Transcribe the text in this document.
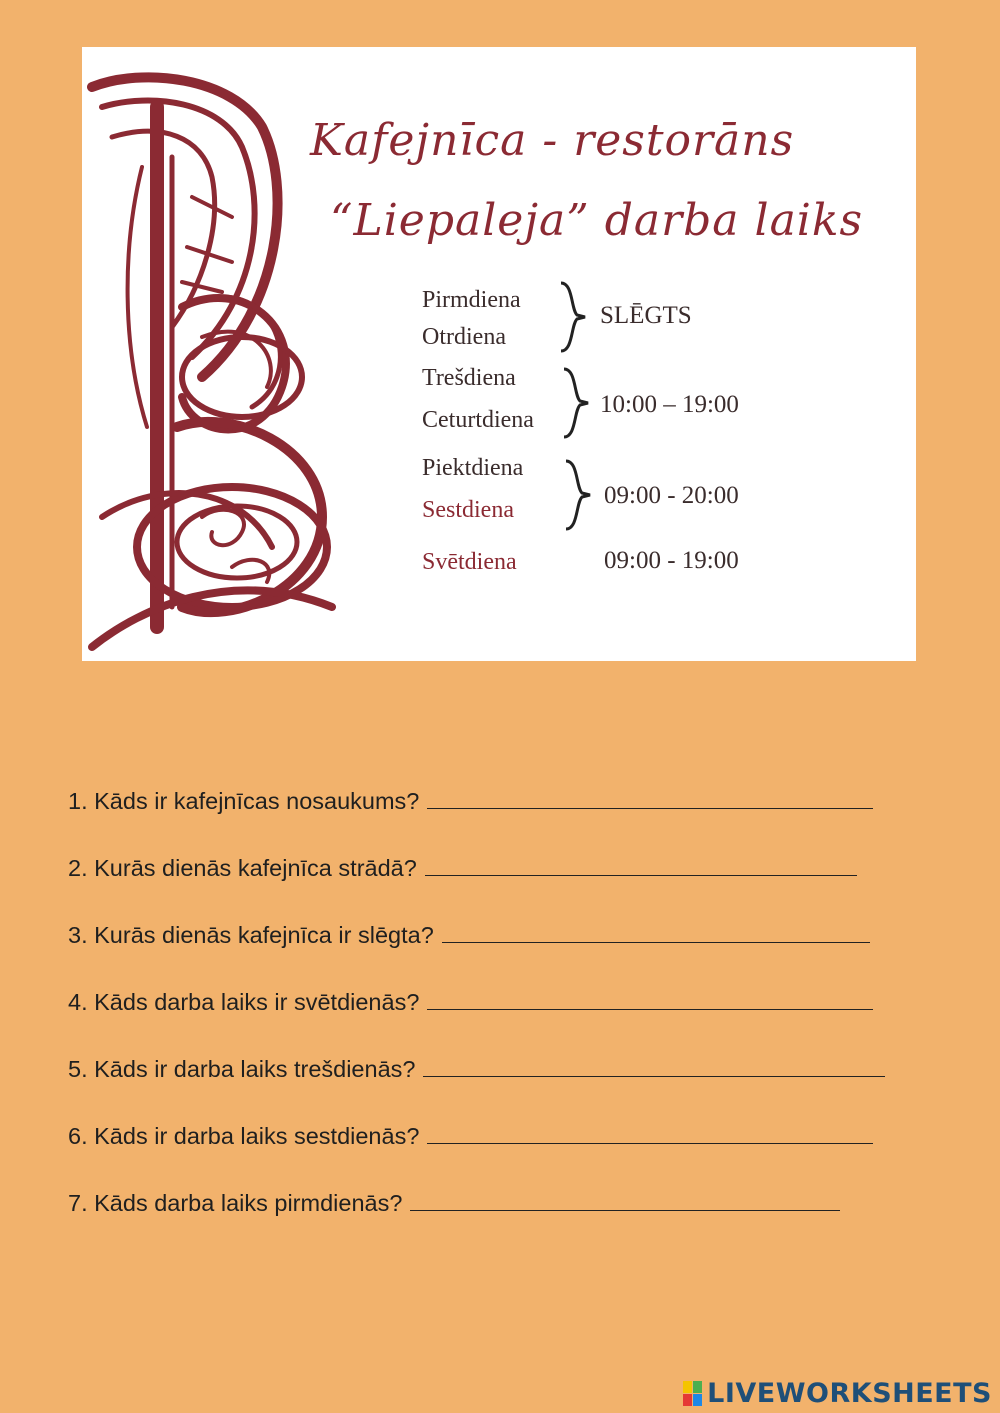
Kafejnīca - restorāns
“Liepaleja” darba laiks
Pirmdiena
Otrdiena
SLĒGTS
Trešdiena
Ceturtdiena
10:00 – 19:00
Piektdiena
Sestdiena
09:00 - 20:00
Svētdiena	09:00 - 19:00
1. Kāds ir kafejnīcas nosaukums?
2. Kurās dienās kafejnīca strādā?
3. Kurās dienās kafejnīca ir slēgta?
4. Kāds darba laiks ir svētdienās?
5. Kāds ir darba laiks trešdienās?
6. Kāds ir darba laiks sestdienās?
7. Kāds darba laiks pirmdienās?
LIVEWORKSHEETS
